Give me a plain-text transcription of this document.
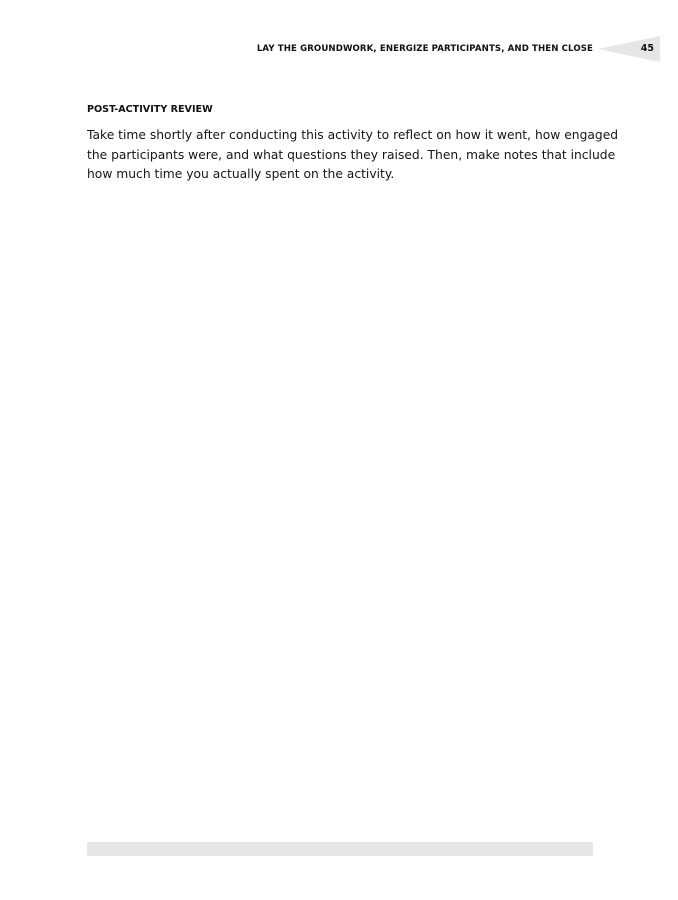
LAY THE GROUNDWORK, ENERGIZE PARTICIPANTS, AND THEN CLOSE	45
POST-ACTIVITY REVIEW
Take time shortly after conducting this activity to reflect on how it went, how engaged
the participants were, and what questions they raised. Then, make notes that include
how much time you actually spent on the activity.
